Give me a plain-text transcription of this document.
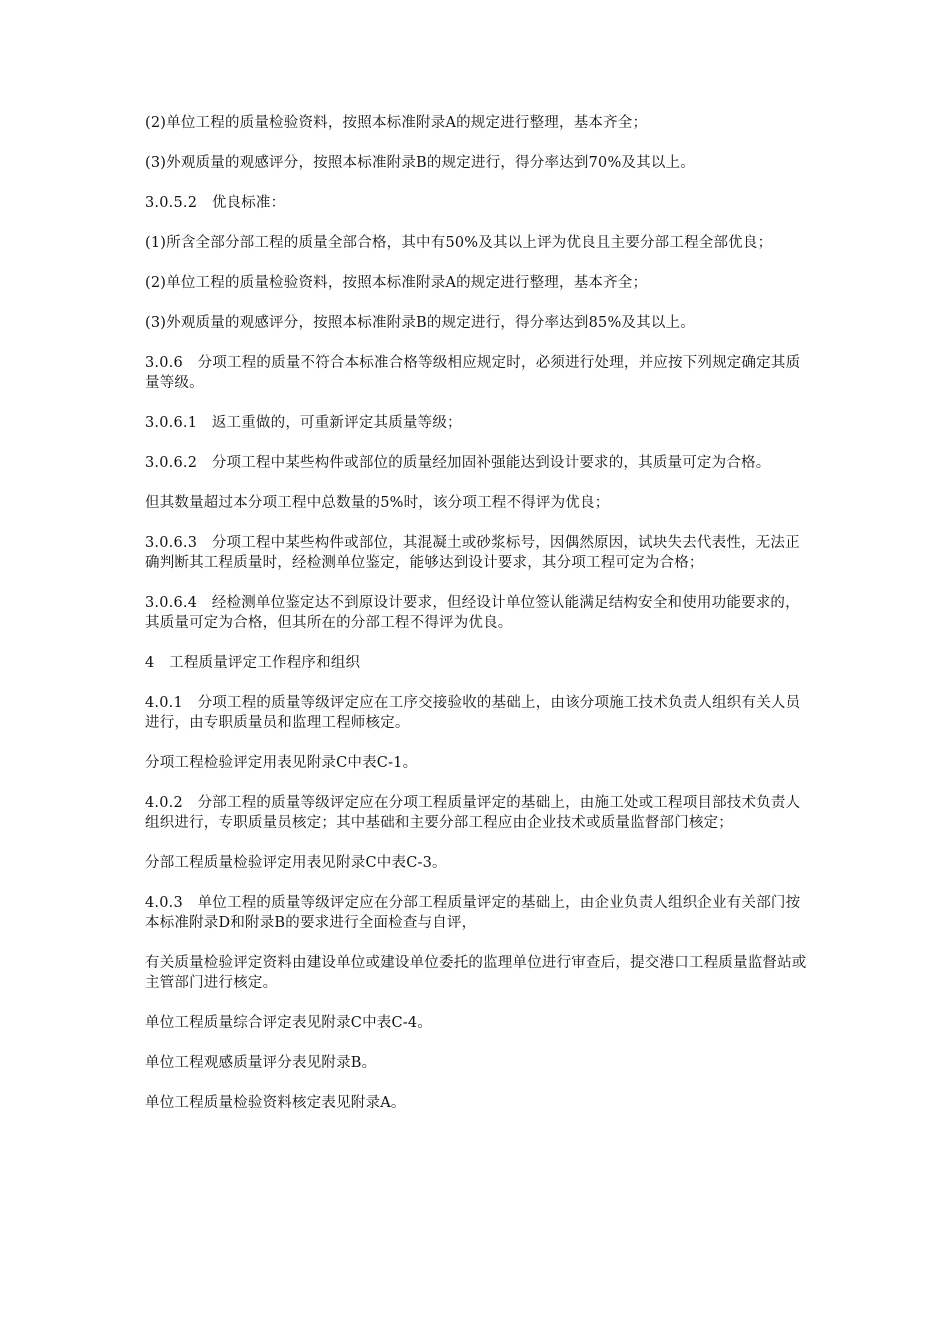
(2)单位工程的质量检验资料，按照本标准附录A的规定进行整理，基本齐全；

(3)外观质量的观感评分，按照本标准附录B的规定进行，得分率达到70%及其以上。

3.0.5.2　优良标准：

(1)所含全部分部工程的质量全部合格，其中有50%及其以上评为优良且主要分部工程全部优良；

(2)单位工程的质量检验资料，按照本标准附录A的规定进行整理，基本齐全；

(3)外观质量的观感评分，按照本标准附录B的规定进行，得分率达到85%及其以上。

3.0.6　分项工程的质量不符合本标准合格等级相应规定时，必须进行处理，并应按下列规定确定其质量等级。

3.0.6.1　返工重做的，可重新评定其质量等级；

3.0.6.2　分项工程中某些构件或部位的质量经加固补强能达到设计要求的，其质量可定为合格。

但其数量超过本分项工程中总数量的5%时，该分项工程不得评为优良；

3.0.6.3　分项工程中某些构件或部位，其混凝土或砂浆标号，因偶然原因，试块失去代表性，无法正确判断其工程质量时，经检测单位鉴定，能够达到设计要求，其分项工程可定为合格；

3.0.6.4　经检测单位鉴定达不到原设计要求，但经设计单位签认能满足结构安全和使用功能要求的，其质量可定为合格，但其所在的分部工程不得评为优良。

4　工程质量评定工作程序和组织

4.0.1　分项工程的质量等级评定应在工序交接验收的基础上，由该分项施工技术负责人组织有关人员进行，由专职质量员和监理工程师核定。

分项工程检验评定用表见附录C中表C-1。

4.0.2　分部工程的质量等级评定应在分项工程质量评定的基础上，由施工处或工程项目部技术负责人组织进行，专职质量员核定；其中基础和主要分部工程应由企业技术或质量监督部门核定；

分部工程质量检验评定用表见附录C中表C-3。

4.0.3　单位工程的质量等级评定应在分部工程质量评定的基础上，由企业负责人组织企业有关部门按本标准附录D和附录B的要求进行全面检查与自评，

有关质量检验评定资料由建设单位或建设单位委托的监理单位进行审查后，提交港口工程质量监督站或主管部门进行核定。

单位工程质量综合评定表见附录C中表C-4。

单位工程观感质量评分表见附录B。

单位工程质量检验资料核定表见附录A。
